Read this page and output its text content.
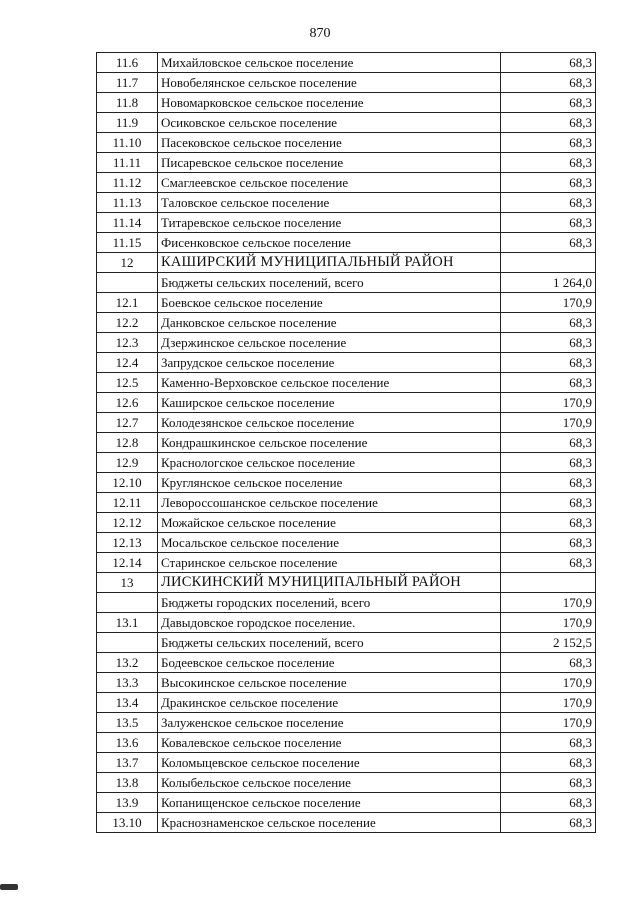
870
11.6	Михайловское сельское поселение	68,3
11.7	Новобелянское сельское поселение	68,3
11.8	Новомарковское сельское поселение	68,3
11.9	Осиковское сельское поселение	68,3
11.10	Пасековское сельское поселение	68,3
11.11	Писаревское сельское поселение	68,3
11.12	Смаглеевское сельское поселение	68,3
11.13	Таловское сельское поселение	68,3
11.14	Титаревское сельское поселение	68,3
11.15	Фисенковское сельское поселение	68,3
12	КАШИРСКИЙ МУНИЦИПАЛЬНЫЙ РАЙОН	
	Бюджеты сельских поселений, всего	1 264,0
12.1	Боевское сельское поселение	170,9
12.2	Данковское сельское поселение	68,3
12.3	Дзержинское сельское поселение	68,3
12.4	Запрудское сельское поселение	68,3
12.5	Каменно-Верховское сельское поселение	68,3
12.6	Каширское сельское поселение	170,9
12.7	Колодезянское сельское поселение	170,9
12.8	Кондрашкинское сельское поселение	68,3
12.9	Краснологское сельское поселение	68,3
12.10	Круглянское сельское поселение	68,3
12.11	Левороссошанское сельское поселение	68,3
12.12	Можайское сельское поселение	68,3
12.13	Мосальское сельское поселение	68,3
12.14	Старинское сельское поселение	68,3
13	ЛИСКИНСКИЙ МУНИЦИПАЛЬНЫЙ РАЙОН	
	Бюджеты городских поселений, всего	170,9
13.1	Давыдовское городское поселение.	170,9
	Бюджеты сельских поселений, всего	2 152,5
13.2	Бодеевское сельское поселение	68,3
13.3	Высокинское сельское поселение	170,9
13.4	Дракинское сельское поселение	170,9
13.5	Залуженское сельское поселение	170,9
13.6	Ковалевское сельское поселение	68,3
13.7	Коломыцевское сельское поселение	68,3
13.8	Колыбельское сельское поселение	68,3
13.9	Копанищенское сельское поселение	68,3
13.10	Краснознаменское сельское поселение	68,3
